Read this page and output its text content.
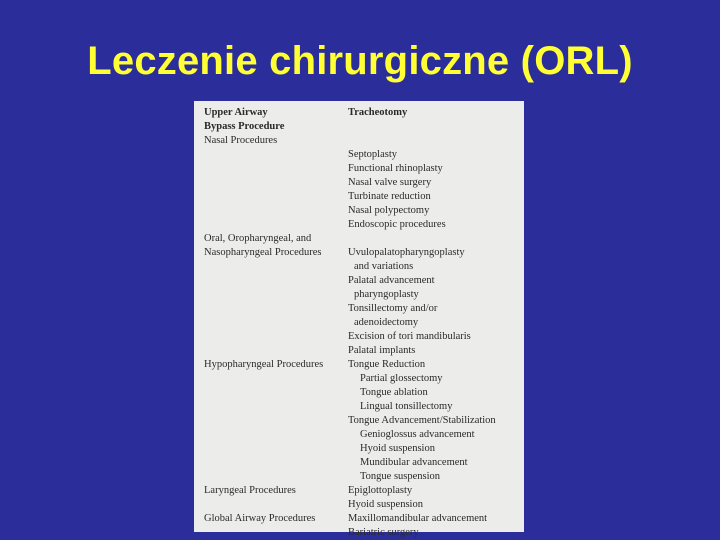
Leczenie chirurgiczne (ORL)
Upper Airway	Tracheotomy
Bypass Procedure	
Nasal Procedures	
	Septoplasty
	Functional rhinoplasty
	Nasal valve surgery
	Turbinate reduction
	Nasal polypectomy
	Endoscopic procedures
Oral, Oropharyngeal, and	
Nasopharyngeal Procedures	Uvulopalatopharyngoplasty
	and variations
	Palatal advancement
	pharyngoplasty
	Tonsillectomy and/or
	adenoidectomy
	Excision of tori mandibularis
	Palatal implants
Hypopharyngeal Procedures	Tongue Reduction
	Partial glossectomy
	Tongue ablation
	Lingual tonsillectomy
	Tongue Advancement/Stabilization
	Genioglossus advancement
	Hyoid suspension
	Mundibular advancement
	Tongue suspension
Laryngeal Procedures	Epiglottoplasty
	Hyoid suspension
Global Airway Procedures	Maxillomandibular advancement
	Bariatric surgery
